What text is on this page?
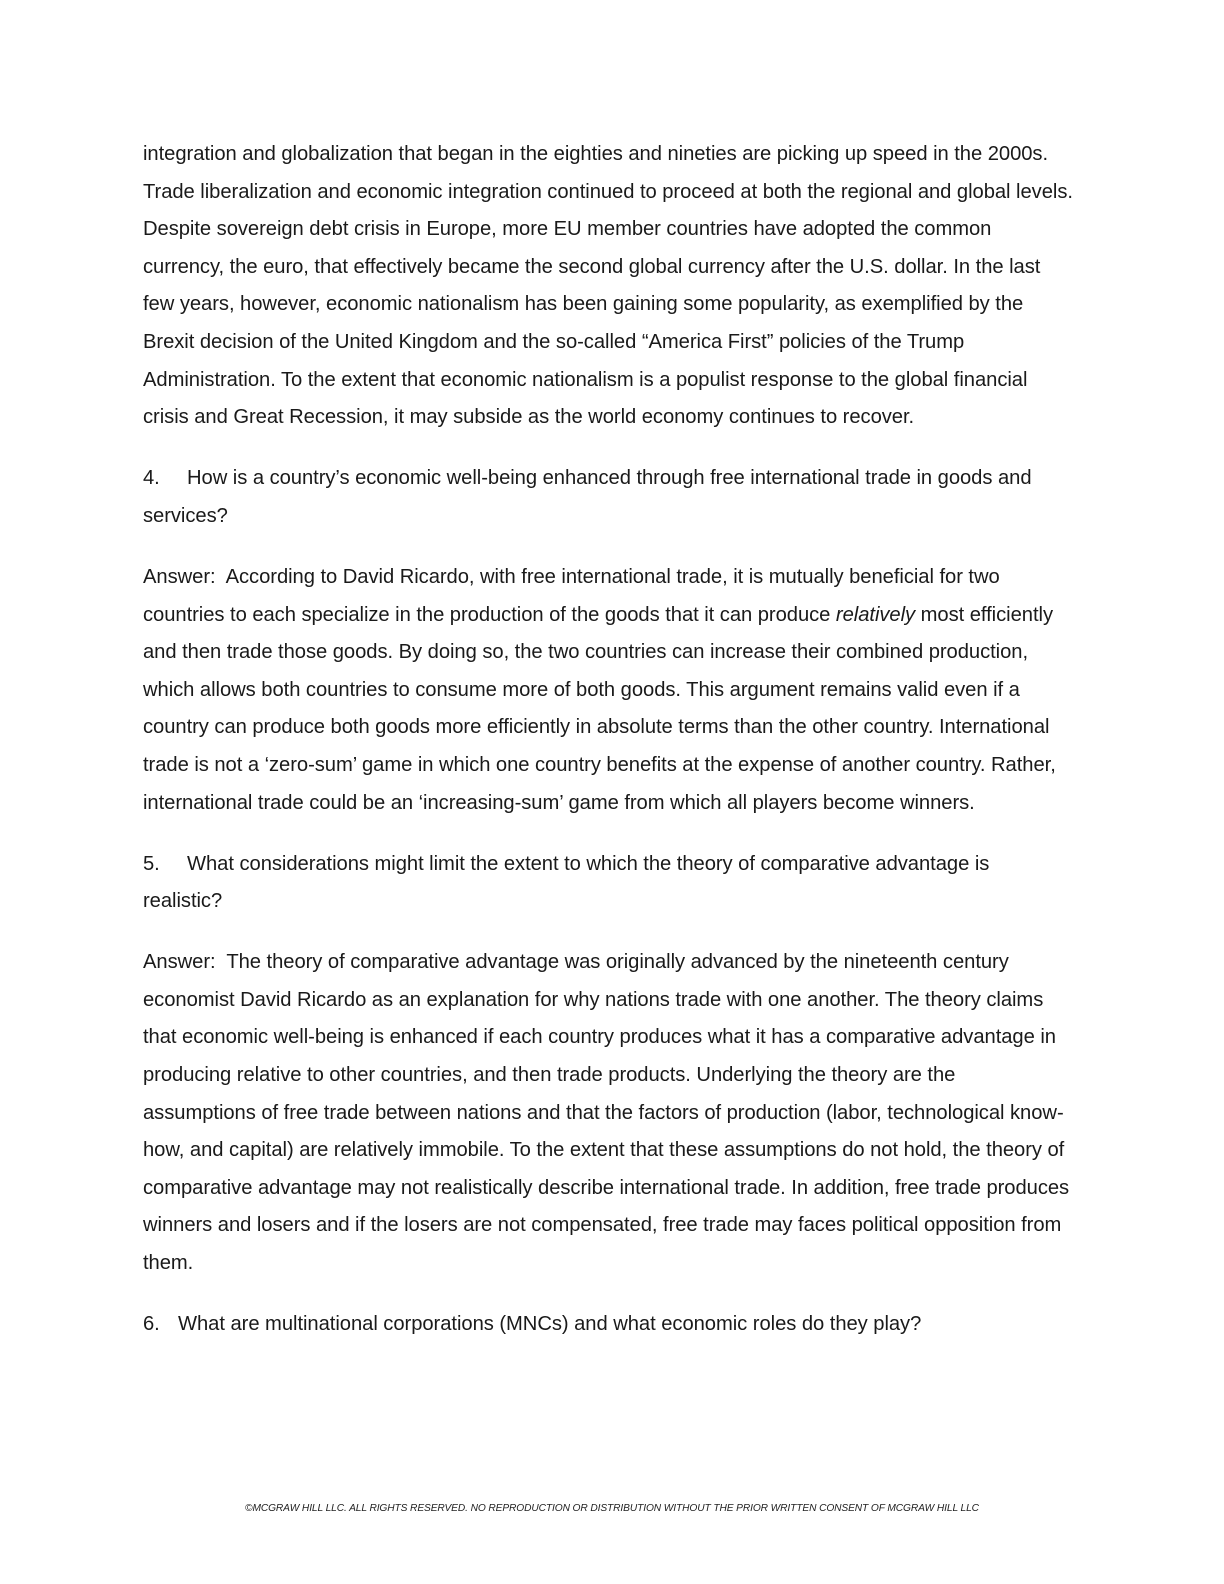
integration and globalization that began in the eighties and nineties are picking up speed in the 2000s. Trade liberalization and economic integration continued to proceed at both the regional and global levels. Despite sovereign debt crisis in Europe, more EU member countries have adopted the common currency, the euro, that effectively became the second global currency after the U.S. dollar. In the last few years, however, economic nationalism has been gaining some popularity, as exemplified by the Brexit decision of the United Kingdom and the so-called “America First” policies of the Trump Administration. To the extent that economic nationalism is a populist response to the global financial crisis and Great Recession, it may subside as the world economy continues to recover.

4. How is a country’s economic well-being enhanced through free international trade in goods and services?

Answer: According to David Ricardo, with free international trade, it is mutually beneficial for two countries to each specialize in the production of the goods that it can produce relatively most efficiently and then trade those goods. By doing so, the two countries can increase their combined production, which allows both countries to consume more of both goods. This argument remains valid even if a country can produce both goods more efficiently in absolute terms than the other country. International trade is not a ‘zero-sum’ game in which one country benefits at the expense of another country. Rather, international trade could be an ‘increasing-sum’ game from which all players become winners.

5. What considerations might limit the extent to which the theory of comparative advantage is realistic?

Answer: The theory of comparative advantage was originally advanced by the nineteenth century economist David Ricardo as an explanation for why nations trade with one another. The theory claims that economic well-being is enhanced if each country produces what it has a comparative advantage in producing relative to other countries, and then trade products. Underlying the theory are the assumptions of free trade between nations and that the factors of production (labor, technological know-how, and capital) are relatively immobile. To the extent that these assumptions do not hold, the theory of comparative advantage may not realistically describe international trade. In addition, free trade produces winners and losers and if the losers are not compensated, free trade may faces political opposition from them.

6. What are multinational corporations (MNCs) and what economic roles do they play?

©MCGRAW HILL LLC. ALL RIGHTS RESERVED. NO REPRODUCTION OR DISTRIBUTION WITHOUT THE PRIOR WRITTEN CONSENT OF MCGRAW HILL LLC
